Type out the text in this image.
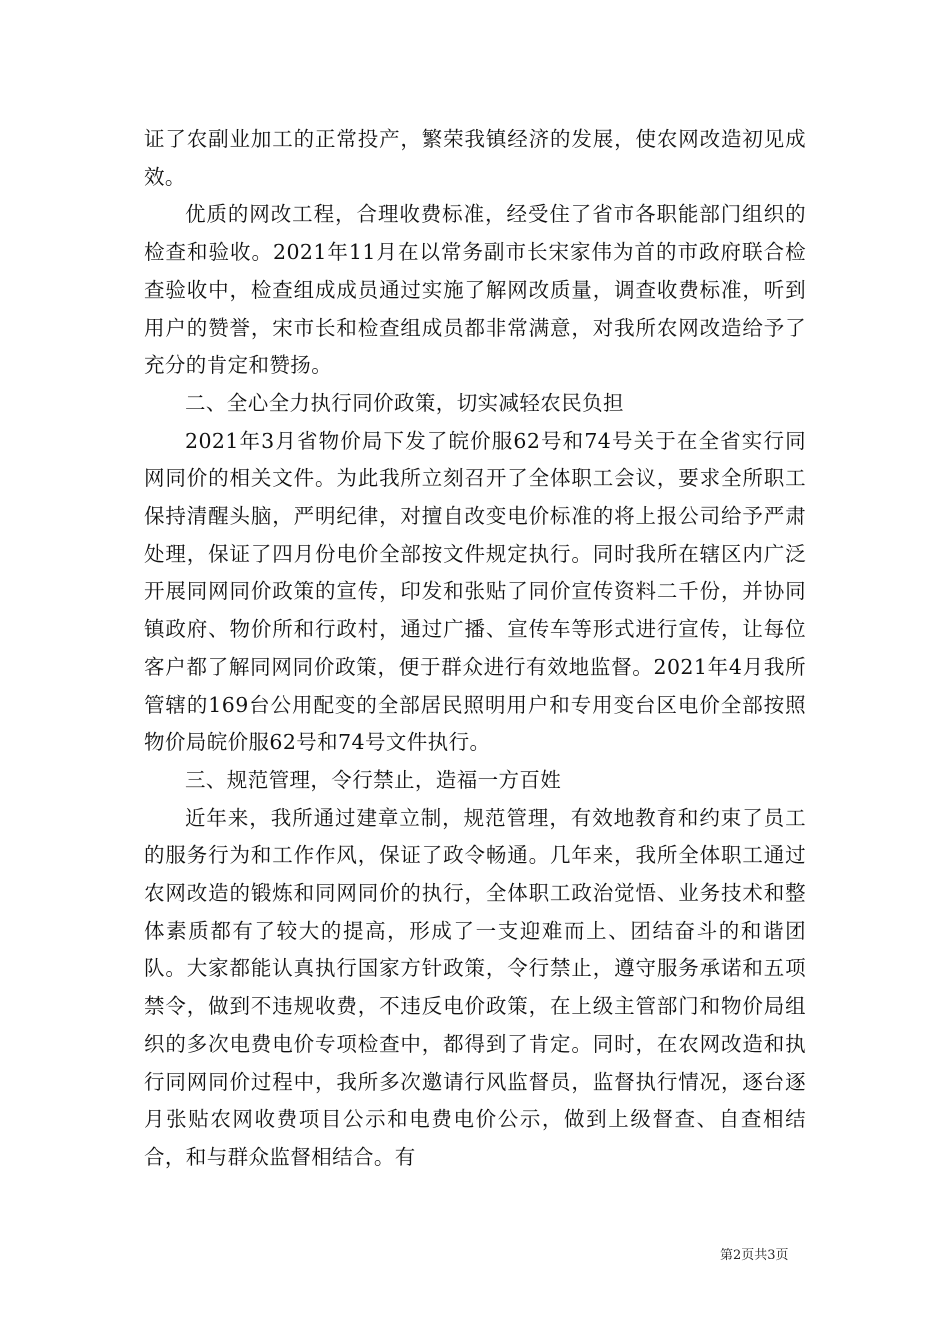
证了农副业加工的正常投产，繁荣我镇经济的发展，使农网改造初见成效。

优质的网改工程，合理收费标准，经受住了省市各职能部门组织的检查和验收。2021年11月在以常务副市长宋家伟为首的市政府联合检查验收中，检查组成成员通过实施了解网改质量，调查收费标准，听到用户的赞誉，宋市长和检查组成员都非常满意，对我所农网改造给予了充分的肯定和赞扬。

二、全心全力执行同价政策，切实减轻农民负担

2021年3月省物价局下发了皖价服62号和74号关于在全省实行同网同价的相关文件。为此我所立刻召开了全体职工会议，要求全所职工保持清醒头脑，严明纪律，对擅自改变电价标准的将上报公司给予严肃处理，保证了四月份电价全部按文件规定执行。同时我所在辖区内广泛开展同网同价政策的宣传，印发和张贴了同价宣传资料二千份，并协同镇政府、物价所和行政村，通过广播、宣传车等形式进行宣传，让每位客户都了解同网同价政策，便于群众进行有效地监督。2021年4月我所管辖的169台公用配变的全部居民照明用户和专用变台区电价全部按照物价局皖价服62号和74号文件执行。

三、规范管理，令行禁止，造福一方百姓

近年来，我所通过建章立制，规范管理，有效地教育和约束了员工的服务行为和工作作风，保证了政令畅通。几年来，我所全体职工通过农网改造的锻炼和同网同价的执行，全体职工政治觉悟、业务技术和整体素质都有了较大的提高，形成了一支迎难而上、团结奋斗的和谐团队。大家都能认真执行国家方针政策，令行禁止，遵守服务承诺和五项禁令，做到不违规收费，不违反电价政策，在上级主管部门和物价局组织的多次电费电价专项检查中，都得到了肯定。同时，在农网改造和执行同网同价过程中，我所多次邀请行风监督员，监督执行情况，逐台逐月张贴农网收费项目公示和电费电价公示，做到上级督查、自查相结合，和与群众监督相结合。有

第2页共3页
